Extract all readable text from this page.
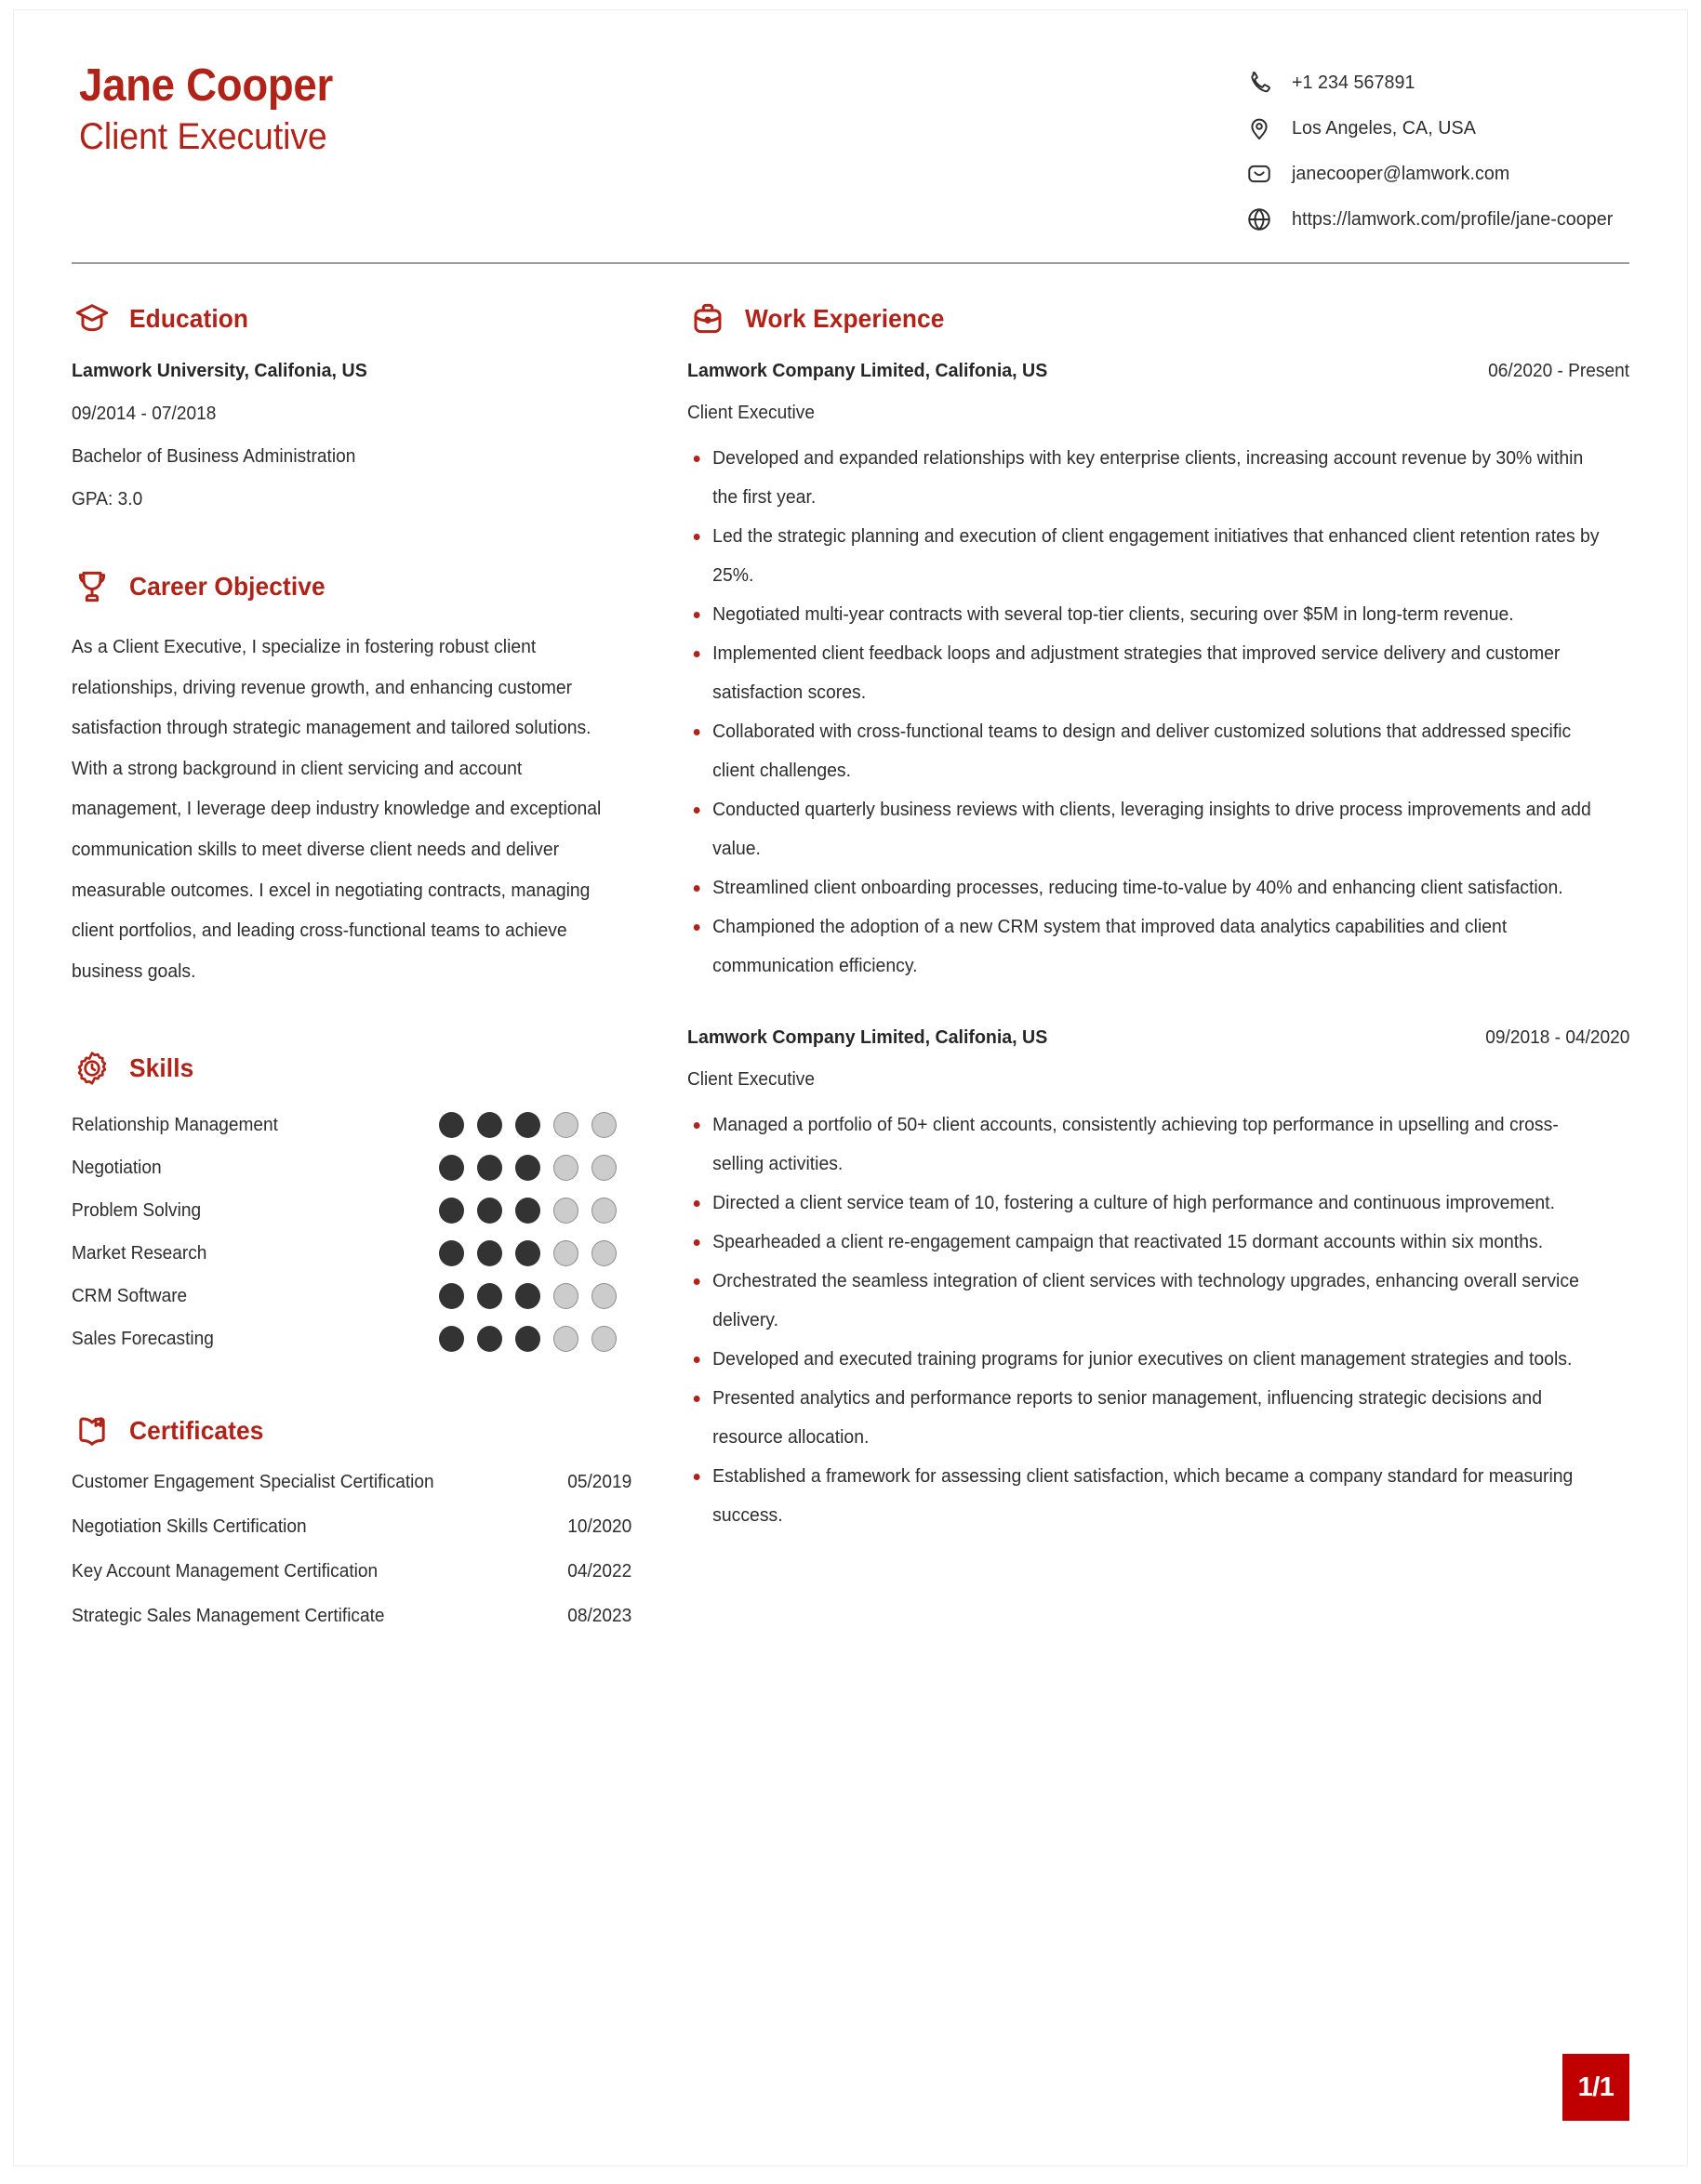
Jane Cooper
Client Executive
+1 234 567891
Los Angeles, CA, USA
janecooper@lamwork.com
https://lamwork.com/profile/jane-cooper
Education
Lamwork University, Califonia, US
09/2014 - 07/2018
Bachelor of Business Administration
GPA: 3.0
Career Objective

As a Client Executive, I specialize in fostering robust client relationships, driving revenue growth, and enhancing customer satisfaction through strategic management and tailored solutions. With a strong background in client servicing and account management, I leverage deep industry knowledge and exceptional communication skills to meet diverse client needs and deliver measurable outcomes. I excel in negotiating contracts, managing client portfolios, and leading cross-functional teams to achieve business goals.

Skills
Relationship Management
Negotiation
Problem Solving
Market Research
CRM Software
Sales Forecasting
Certificates
Customer Engagement Specialist Certification	05/2019
Negotiation Skills Certification	10/2020
Key Account Management Certification	04/2022
Strategic Sales Management Certificate	08/2023
Work Experience
Lamwork Company Limited, Califonia, US	06/2020 - Present
Client Executive
Developed and expanded relationships with key enterprise clients, increasing account revenue by 30% within the first year.
Led the strategic planning and execution of client engagement initiatives that enhanced client retention rates by 25%.
Negotiated multi-year contracts with several top-tier clients, securing over $5M in long-term revenue.
Implemented client feedback loops and adjustment strategies that improved service delivery and customer satisfaction scores.
Collaborated with cross-functional teams to design and deliver customized solutions that addressed specific client challenges.
Conducted quarterly business reviews with clients, leveraging insights to drive process improvements and add value.
Streamlined client onboarding processes, reducing time-to-value by 40% and enhancing client satisfaction.
Championed the adoption of a new CRM system that improved data analytics capabilities and client communication efficiency.
Lamwork Company Limited, Califonia, US	09/2018 - 04/2020
Client Executive
Managed a portfolio of 50+ client accounts, consistently achieving top performance in upselling and cross-selling activities.
Directed a client service team of 10, fostering a culture of high performance and continuous improvement.
Spearheaded a client re-engagement campaign that reactivated 15 dormant accounts within six months.
Orchestrated the seamless integration of client services with technology upgrades, enhancing overall service delivery.
Developed and executed training programs for junior executives on client management strategies and tools.
Presented analytics and performance reports to senior management, influencing strategic decisions and resource allocation.
Established a framework for assessing client satisfaction, which became a company standard for measuring success.
1/1
